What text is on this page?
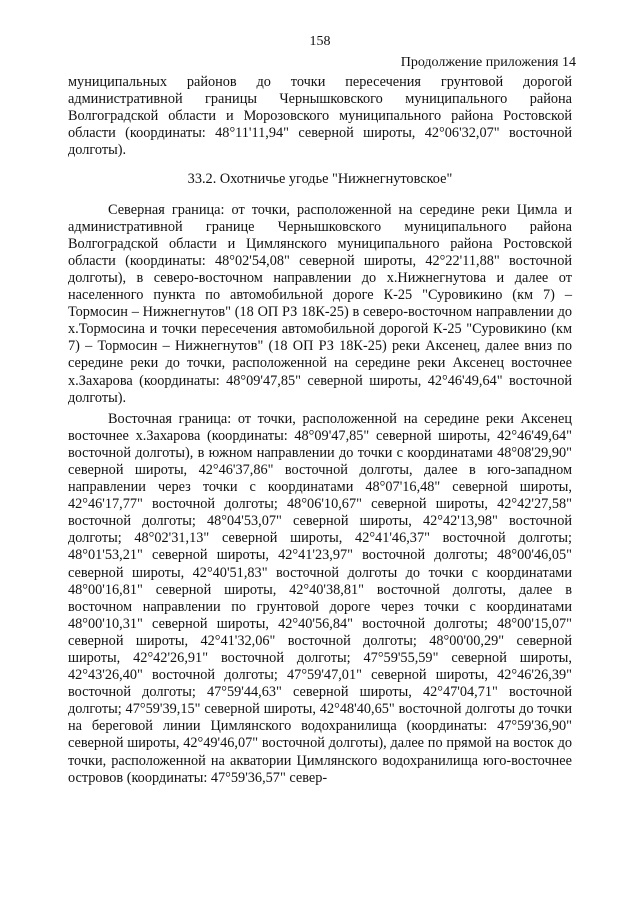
158
Продолжение приложения 14

муниципальных районов до точки пересечения грунтовой дорогой административной границы Чернышковского муниципального района Волгоградской области и Морозовского муниципального района Ростовской области (координаты: 48°11'11,94" северной широты, 42°06'32,07" восточной долготы).

33.2. Охотничье угодье "Нижнегнутовское"

Северная граница: от точки, расположенной на середине реки Цимла и административной границе Чернышковского муниципального района Волгоградской области и Цимлянского муниципального района Ростовской области (координаты: 48°02'54,08" северной широты, 42°22'11,88" восточной долготы), в северо-восточном направлении до х.Нижнегнутова и далее от населенного пункта по автомобильной дороге К-25 "Суровикино (км 7) – Тормосин – Нижнегнутов" (18 ОП РЗ 18К-25) в северо-восточном направлении до х.Тормосина и точки пересечения автомобильной дорогой К-25 "Суровикино (км 7) – Тормосин – Нижнегнутов" (18 ОП РЗ 18К-25) реки Аксенец, далее вниз по середине реки до точки, расположенной на середине реки Аксенец восточнее х.Захарова (координаты: 48°09'47,85" северной широты, 42°46'49,64" восточной долготы).

Восточная граница: от точки, расположенной на середине реки Аксенец восточнее х.Захарова (координаты: 48°09'47,85" северной широты, 42°46'49,64" восточной долготы), в южном направлении до точки с координатами 48°08'29,90" северной широты, 42°46'37,86" восточной долготы, далее в юго-западном направлении через точки с координатами 48°07'16,48" северной широты, 42°46'17,77" восточной долготы; 48°06'10,67" северной широты, 42°42'27,58" восточной долготы; 48°04'53,07" северной широты, 42°42'13,98" восточной долготы; 48°02'31,13" северной широты, 42°41'46,37" восточной долготы; 48°01'53,21" северной широты, 42°41'23,97" восточной долготы; 48°00'46,05" северной широты, 42°40'51,83" восточной долготы до точки с координатами 48°00'16,81" северной широты, 42°40'38,81" восточной долготы, далее в восточном направлении по грунтовой дороге через точки с координатами 48°00'10,31" северной широты, 42°40'56,84" восточной долготы; 48°00'15,07" северной широты, 42°41'32,06" восточной долготы; 48°00'00,29" северной широты, 42°42'26,91" восточной долготы; 47°59'55,59" северной широты, 42°43'26,40" восточной долготы; 47°59'47,01" северной широты, 42°46'26,39" восточной долготы; 47°59'44,63" северной широты, 42°47'04,71" восточной долготы; 47°59'39,15" северной широты, 42°48'40,65" восточной долготы до точки на береговой линии Цимлянского водохранилища (координаты: 47°59'36,90" северной широты, 42°49'46,07" восточной долготы), далее по прямой на восток до точки, расположенной на акватории Цимлянского водохранилища юго-восточнее островов (координаты: 47°59'36,57" север-
